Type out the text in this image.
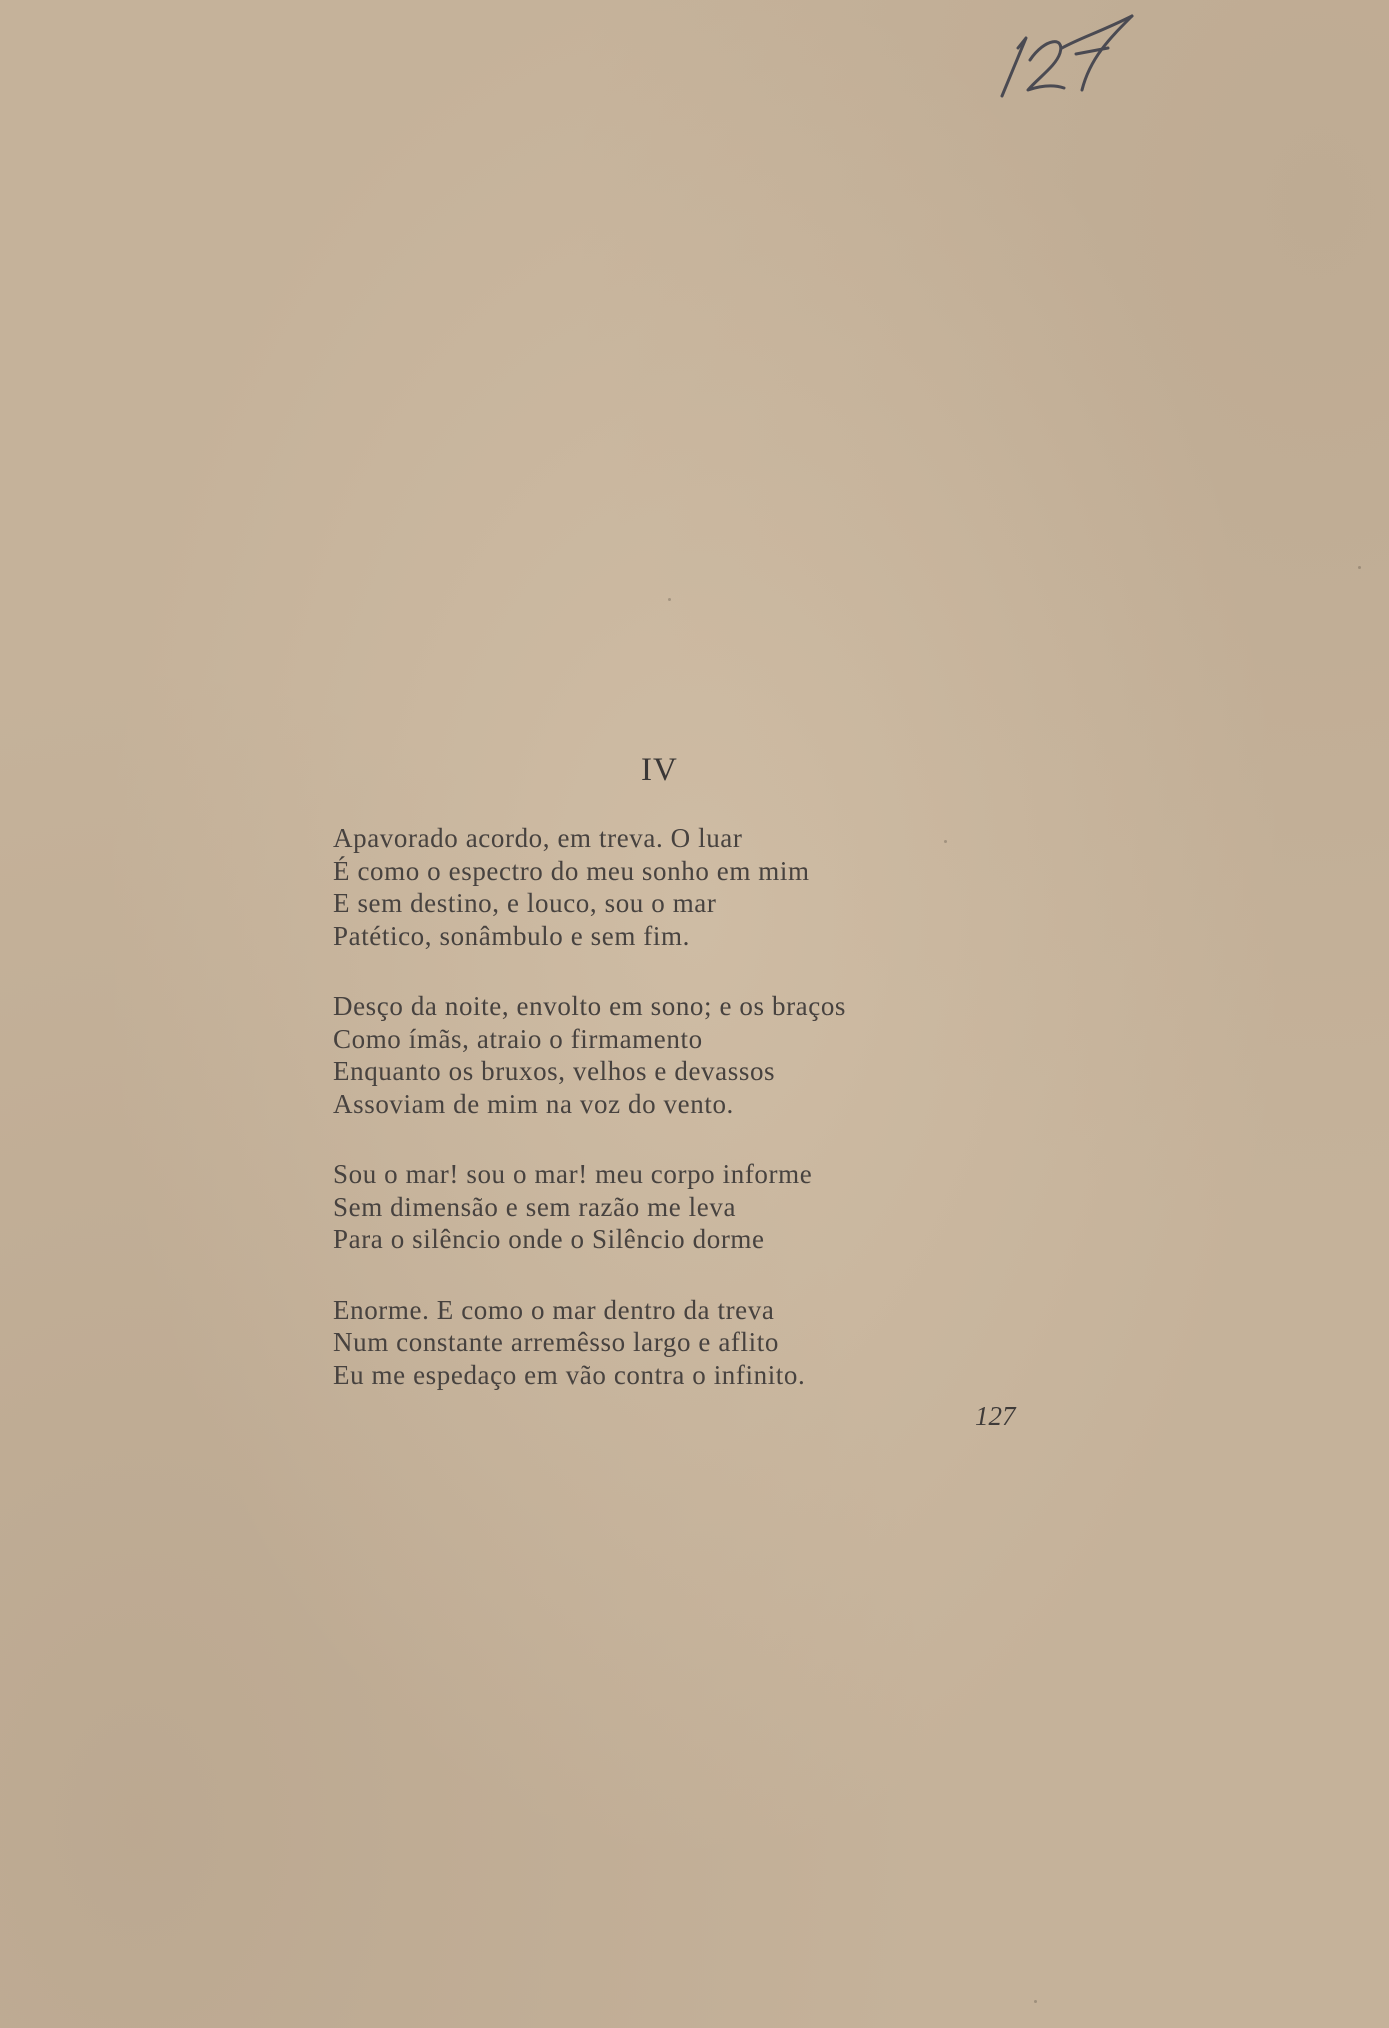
IV
Apavorado acordo, em treva. O luar
É como o espectro do meu sonho em mim
E sem destino, e louco, sou o mar
Patético, sonâmbulo e sem fim.
Desço da noite, envolto em sono; e os braços
Como ímãs, atraio o firmamento
Enquanto os bruxos, velhos e devassos
Assoviam de mim na voz do vento.
Sou o mar! sou o mar! meu corpo informe
Sem dimensão e sem razão me leva
Para o silêncio onde o Silêncio dorme
Enorme. E como o mar dentro da treva
Num constante arremêsso largo e aflito
Eu me espedaço em vão contra o infinito.
127
